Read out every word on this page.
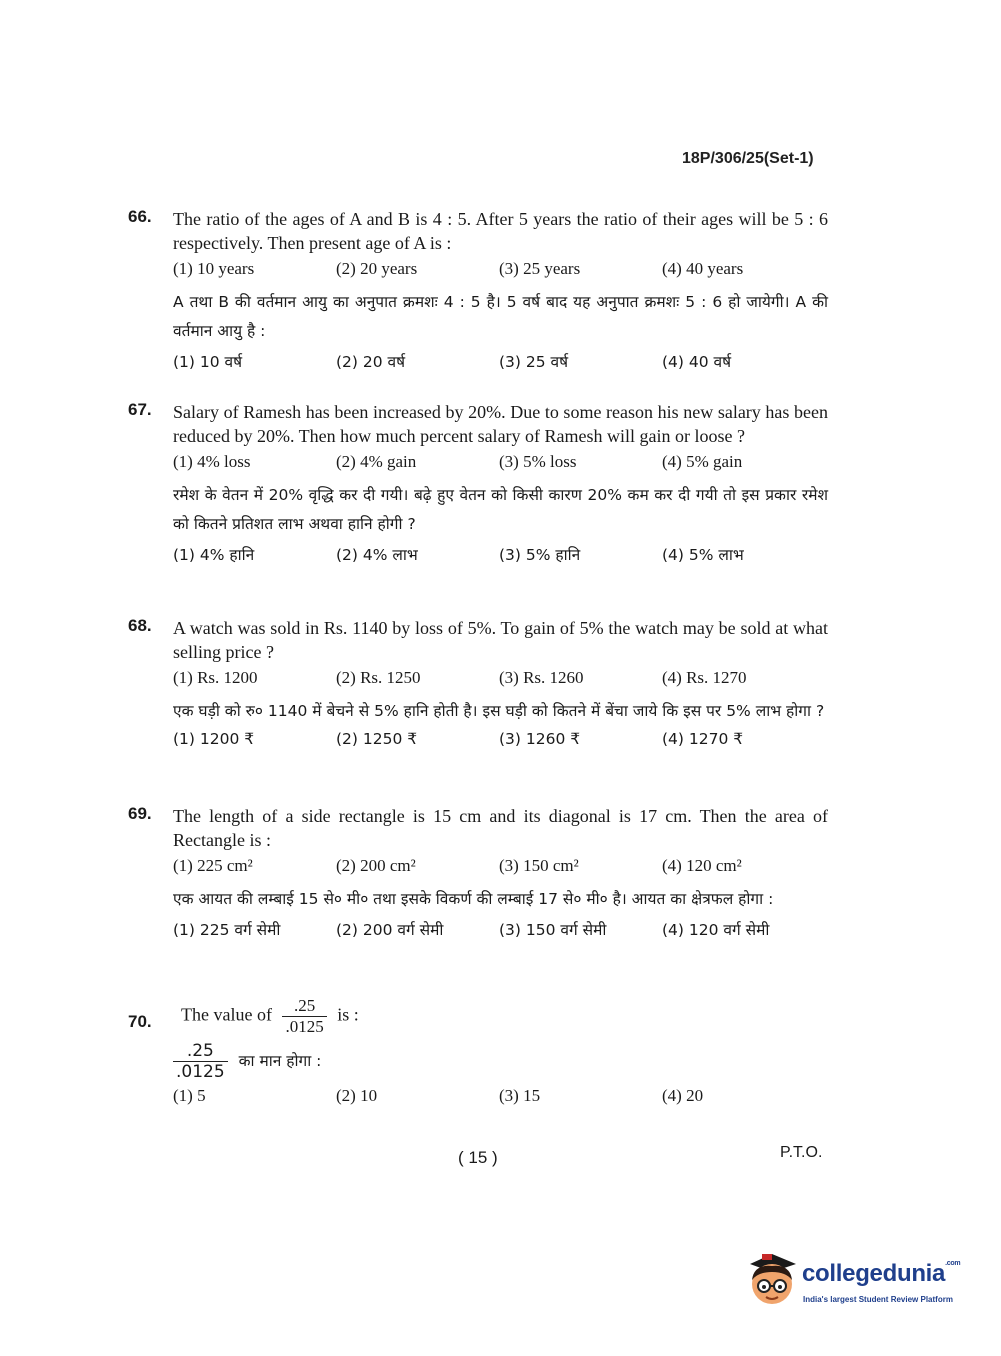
18P/306/25(Set-1)
66. The ratio of the ages of A and B is 4 : 5. After 5 years the ratio of their ages will be 5 : 6 respectively. Then present age of A is :
(1) 10 years	(2) 20 years	(3) 25 years	(4) 40 years
A तथा B की वर्तमान आयु का अनुपात क्रमशः 4 : 5 है। 5 वर्ष बाद यह अनुपात क्रमशः 5 : 6 हो जायेगी। A की वर्तमान आयु है :
(1) 10 वर्ष	(2) 20 वर्ष	(3) 25 वर्ष	(4) 40 वर्ष
67. Salary of Ramesh has been increased by 20%. Due to some reason his new salary has been reduced by 20%. Then how much percent salary of Ramesh will gain or loose ?
(1) 4% loss	(2) 4% gain	(3) 5% loss	(4) 5% gain
रमेश के वेतन में 20% वृद्धि कर दी गयी। बढ़े हुए वेतन को किसी कारण 20% कम कर दी गयी तो इस प्रकार रमेश को कितने प्रतिशत लाभ अथवा हानि होगी ?
(1) 4% हानि	(2) 4% लाभ	(3) 5% हानि	(4) 5% लाभ
68. A watch was sold in Rs. 1140 by loss of 5%. To gain of 5% the watch may be sold at what selling price ?
(1) Rs. 1200	(2) Rs. 1250	(3) Rs. 1260	(4) Rs. 1270
एक घड़ी को रु० 1140 में बेचने से 5% हानि होती है। इस घड़ी को कितने में बेंचा जाये कि इस पर 5% लाभ होगा ?
(1) 1200 ₹	(2) 1250 ₹	(3) 1260 ₹	(4) 1270 ₹
69. The length of a side rectangle is 15 cm and its diagonal is 17 cm. Then the area of Rectangle is :
(1) 225 cm²	(2) 200 cm²	(3) 150 cm²	(4) 120 cm²
एक आयत की लम्बाई 15 से० मी० तथा इसके विकर्ण की लम्बाई 17 से० मी० है। आयत का क्षेत्रफल होगा :
(1) 225 वर्ग सेमी	(2) 200 वर्ग सेमी	(3) 150 वर्ग सेमी	(4) 120 वर्ग सेमी
70. The value of $\frac{.25}{.0125}$ is :
$\frac{.25}{.0125}$ का मान होगा :
(1) 5	(2) 10	(3) 15	(4) 20
( 15 )	P.T.O.
collegedunia$^{.com}$
India's largest Student Review Platform
